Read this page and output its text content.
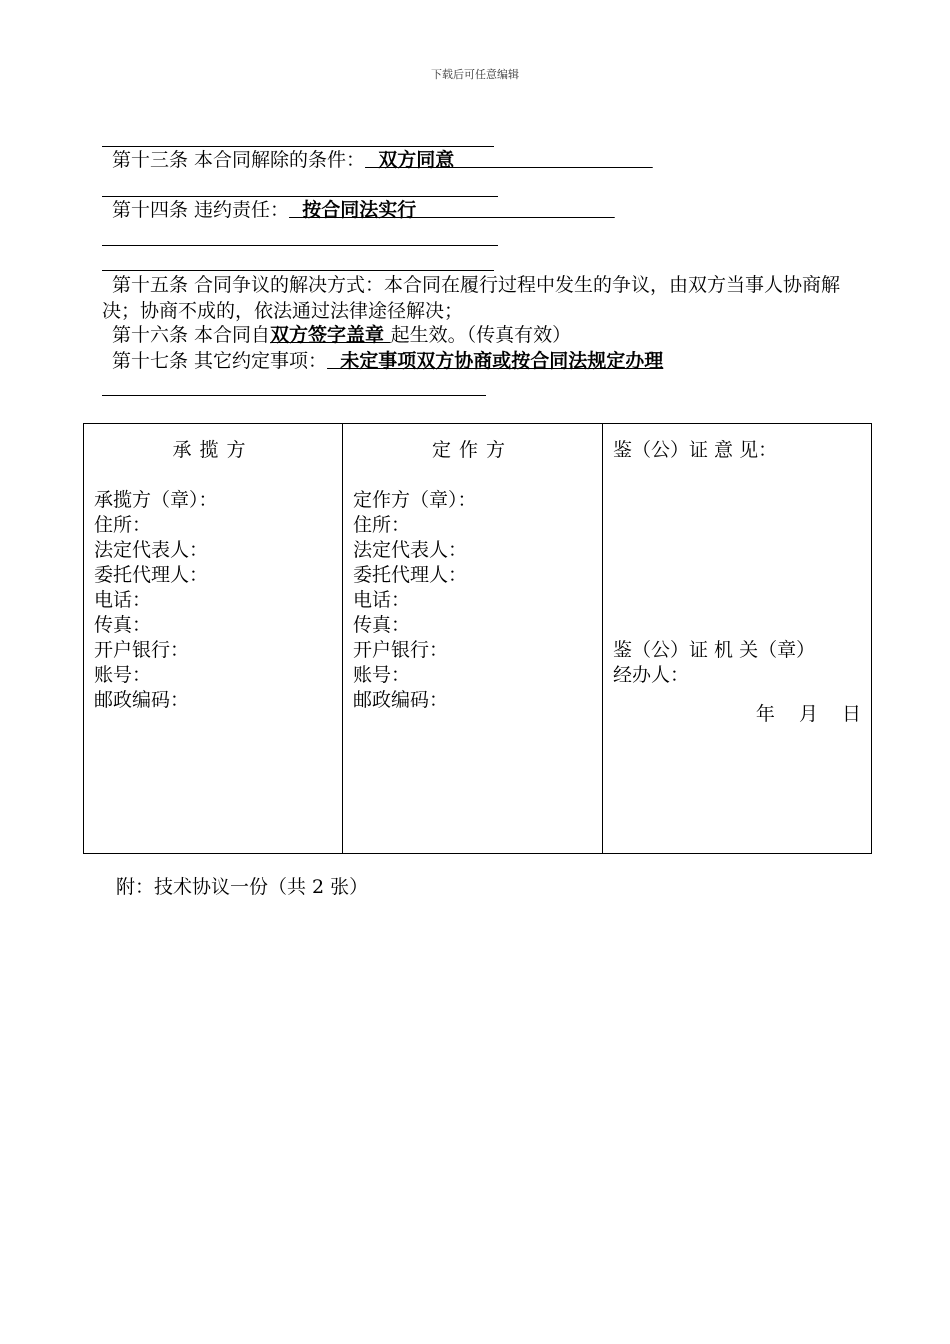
下载后可任意编辑
第十三条 本合同解除的条件：  双方同意
第十四条 违约责任：  按合同法实行
第十五条 合同争议的解决方式：本合同在履行过程中发生的争议，由双方当事人协商解决；协商不成的，依法通过法律途径解决；
第十六条 本合同自双方签字盖章 起生效。（传真有效）
第十七条 其它约定事项：  未定事项双方协商或按合同法规定办理
承揽方
承揽方（章）：
住所：
法定代表人：
委托代理人：
电话：
传真：
开户银行：
账号：
邮政编码：

定作方
定作方（章）：
住所：
法定代表人：
委托代理人：
电话：
传真：
开户银行：
账号：
邮政编码：

鉴（公）证 意 见：
鉴（公）证 机 关（章）
经办人：
年 月 日
附：技术协议一份（共 2 张）
